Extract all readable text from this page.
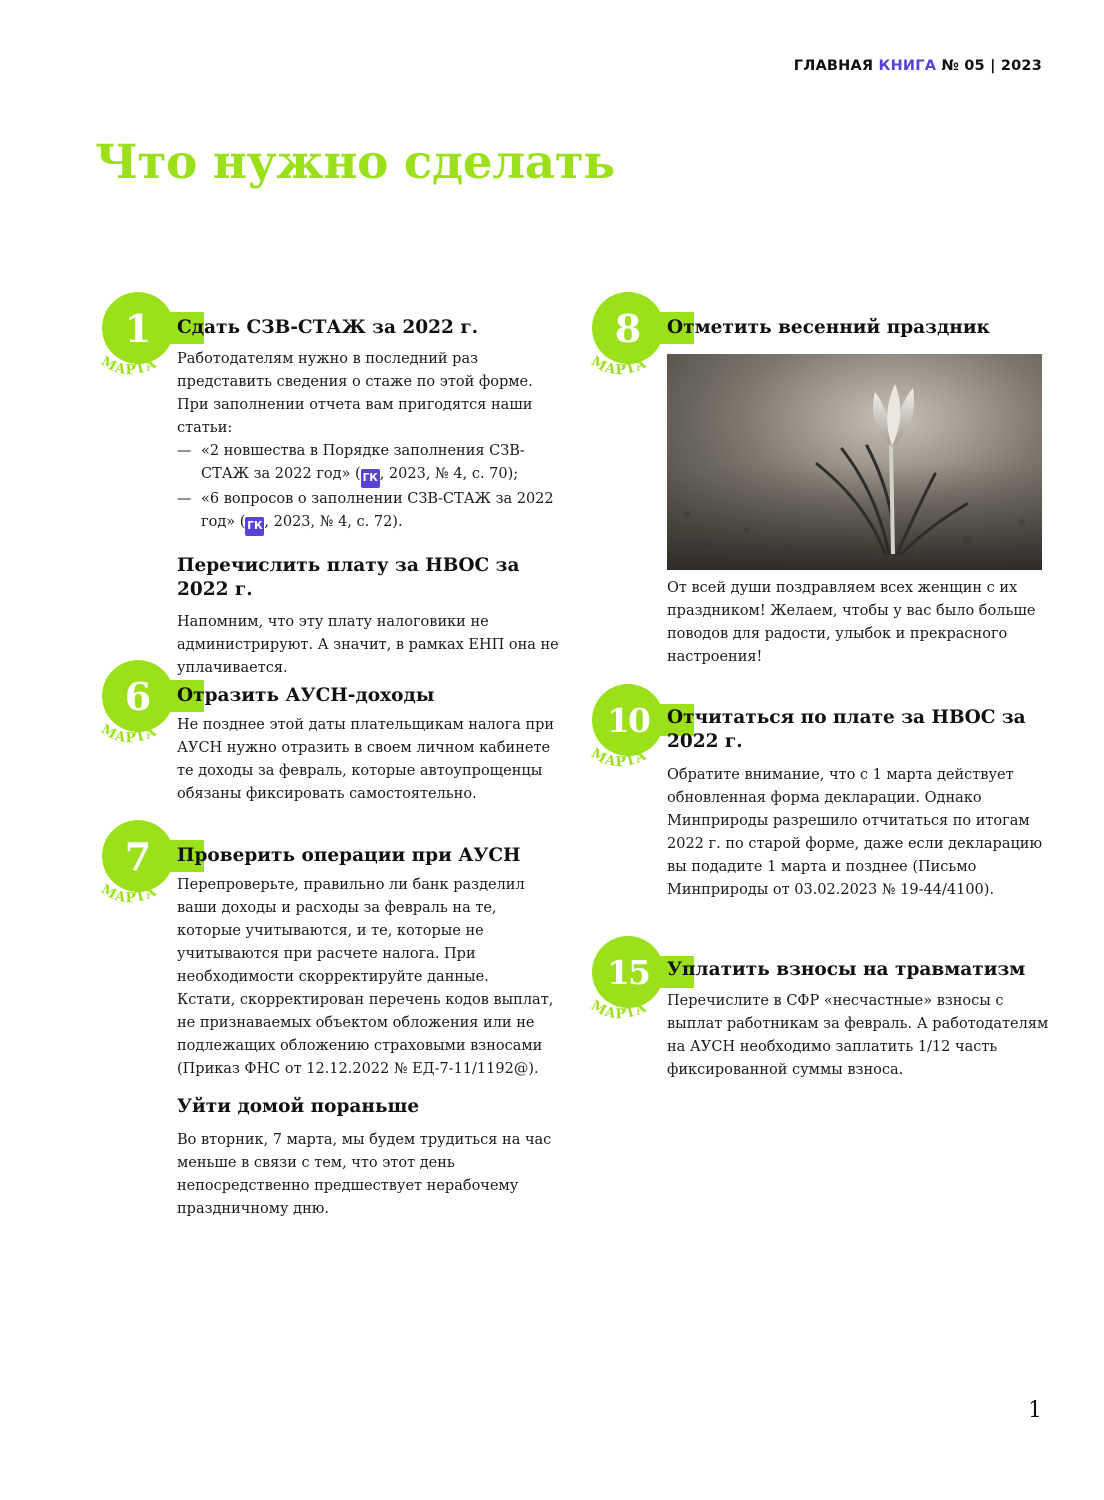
ГЛАВНАЯ КНИГА № 05 | 2023
Что нужно сделать
1
МАРТА
Сдать СЗВ-СТАЖ за 2022 г.

Работодателям нужно в последний раз представить сведения о стаже по этой форме. При заполнении отчета вам пригодятся наши статьи:

— «2 новшества в Порядке заполнения СЗВ-СТАЖ за 2022 год» ( ГК , 2023, № 4, с. 70);
— «6 вопросов о заполнении СЗВ-СТАЖ за 2022 год» ( ГК , 2023, № 4, с. 72).
Перечислить плату за НВОС за 2022 г.

Напомним, что эту плату налоговики не администрируют. А значит, в рамках ЕНП она не уплачивается.

6
МАРТА
Отразить АУСН-доходы

Не позднее этой даты плательщикам налога при АУСН нужно отразить в своем личном кабинете те доходы за февраль, которые автоупрощенцы обязаны фиксировать самостоятельно.

7
МАРТА
Проверить операции при АУСН

Перепроверьте, правильно ли банк разделил ваши доходы и расходы за февраль на те, которые учитываются, и те, которые не учитываются при расчете налога. При необходимости скорректируйте данные.

Кстати, скорректирован перечень кодов выплат, не признаваемых объектом обложения или не подлежащих обложению страховыми взносами (Приказ ФНС от 12.12.2022 № ЕД-7-11/1192@).

Уйти домой пораньше

Во вторник, 7 марта, мы будем трудиться на час меньше в связи с тем, что этот день непосредственно предшествует нерабочему праздничному дню.

8
МАРТА
Отметить весенний праздник

От всей души поздравляем всех женщин с их праздником! Желаем, чтобы у вас было больше поводов для радости, улыбок и прекрасного настроения!

10
МАРТА
Отчитаться по плате за НВОС за 2022 г.

Обратите внимание, что с 1 марта действует обновленная форма декларации. Однако Минприроды разрешило отчитаться по итогам 2022 г. по старой форме, даже если декларацию вы подадите 1 марта и позднее (Письмо Минприроды от 03.02.2023 № 19-44/4100).

15
МАРТА
Уплатить взносы на травматизм

Перечислите в СФР «несчастные» взносы с выплат работникам за февраль. А работодателям на АУСН необходимо заплатить 1/12 часть фиксированной суммы взноса.

1
